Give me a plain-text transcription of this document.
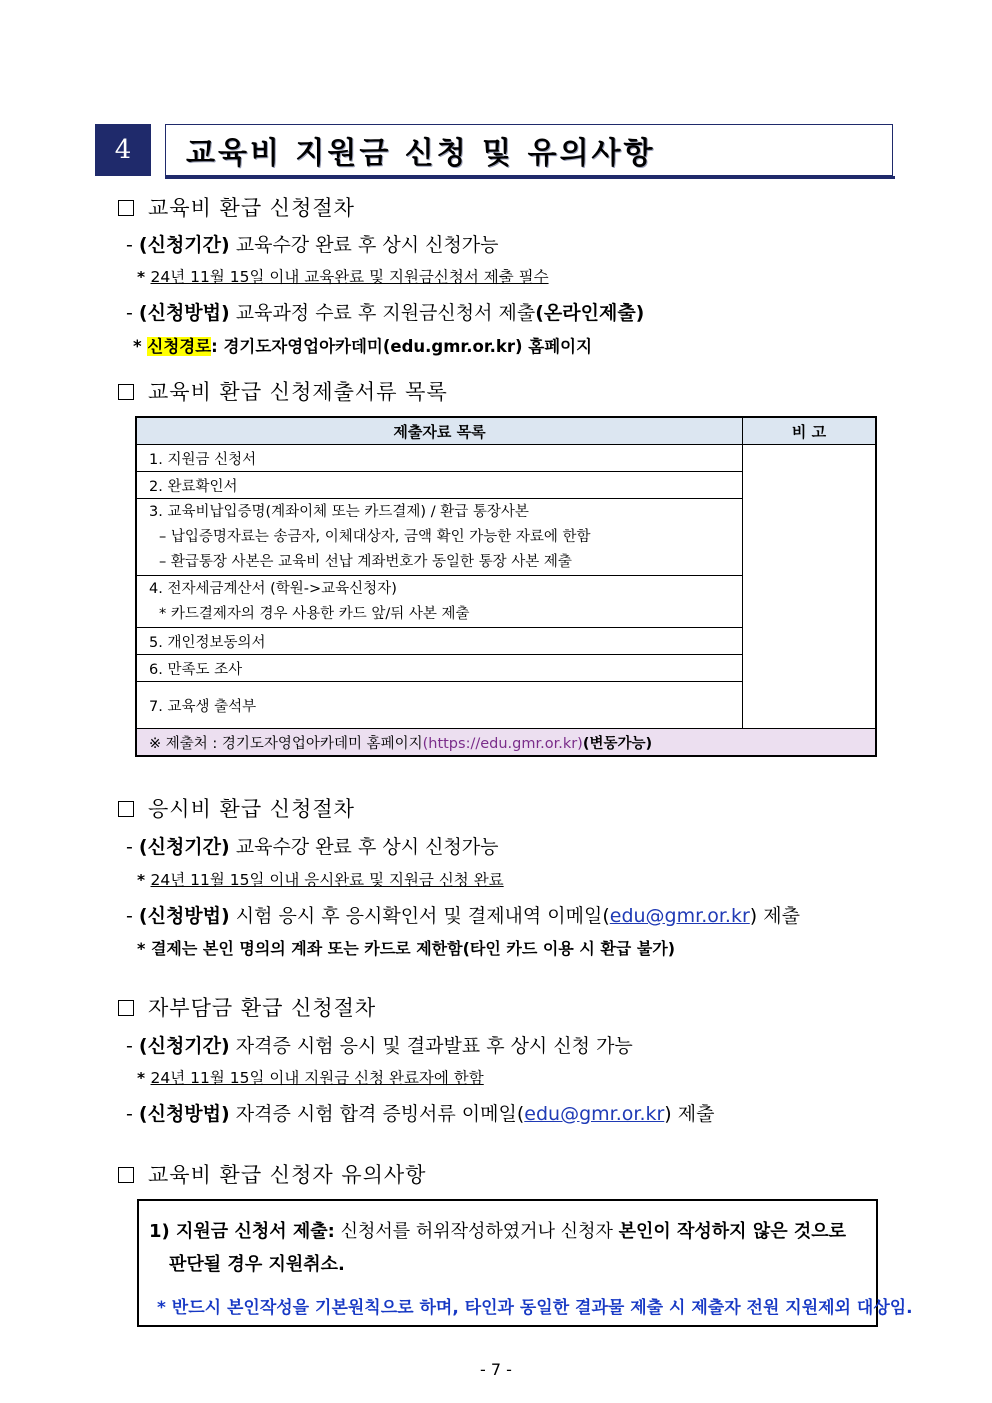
4	교육비 지원금 신청 및 유의사항
교육비 환급 신청절차
- (신청기간) 교육수강 완료 후 상시 신청가능
* 24년 11월 15일 이내 교육완료 및 지원금신청서 제출 필수
- (신청방법) 교육과정 수료 후 지원금신청서 제출(온라인제출)
* 신청경로: 경기도자영업아카데미(edu.gmr.or.kr) 홈페이지
교육비 환급 신청제출서류 목록
제출자료 목록	비 고
1. 지원금 신청서	
2. 완료확인서	
3. 교육비납입증명(계좌이체 또는 카드결제) / 환급 통장사본
– 납입증명자료는 송금자, 이체대상자, 금액 확인 가능한 자료에 한함
– 환급통장 사본은 교육비 선납 계좌번호가 동일한 통장 사본 제출	

4. 전자세금계산서 (학원->교육신청자)
* 카드결제자의 경우 사용한 카드 앞/뒤 사본 제출	

5. 개인정보동의서	
6. 만족도 조사	
7. 교육생 출석부	
※ 제출처 : 경기도자영업아카데미 홈페이지(https://edu.gmr.or.kr)(변동가능)	
응시비 환급 신청절차
- (신청기간) 교육수강 완료 후 상시 신청가능
* 24년 11월 15일 이내 응시완료 및 지원금 신청 완료
- (신청방법) 시험 응시 후 응시확인서 및 결제내역 이메일(edu@gmr.or.kr) 제출
* 결제는 본인 명의의 계좌 또는 카드로 제한함(타인 카드 이용 시 환급 불가)
자부담금 환급 신청절차
- (신청기간) 자격증 시험 응시 및 결과발표 후 상시 신청 가능
* 24년 11월 15일 이내 지원금 신청 완료자에 한함
- (신청방법) 자격증 시험 합격 증빙서류 이메일(edu@gmr.or.kr) 제출
교육비 환급 신청자 유의사항
1) 지원금 신청서 제출: 신청서를 허위작성하였거나 신청자 본인이 작성하지 않은 것으로
판단될 경우 지원취소.
* 반드시 본인작성을 기본원칙으로 하며, 타인과 동일한 결과물 제출 시 제출자 전원 지원제외 대상임.
- 7 -
